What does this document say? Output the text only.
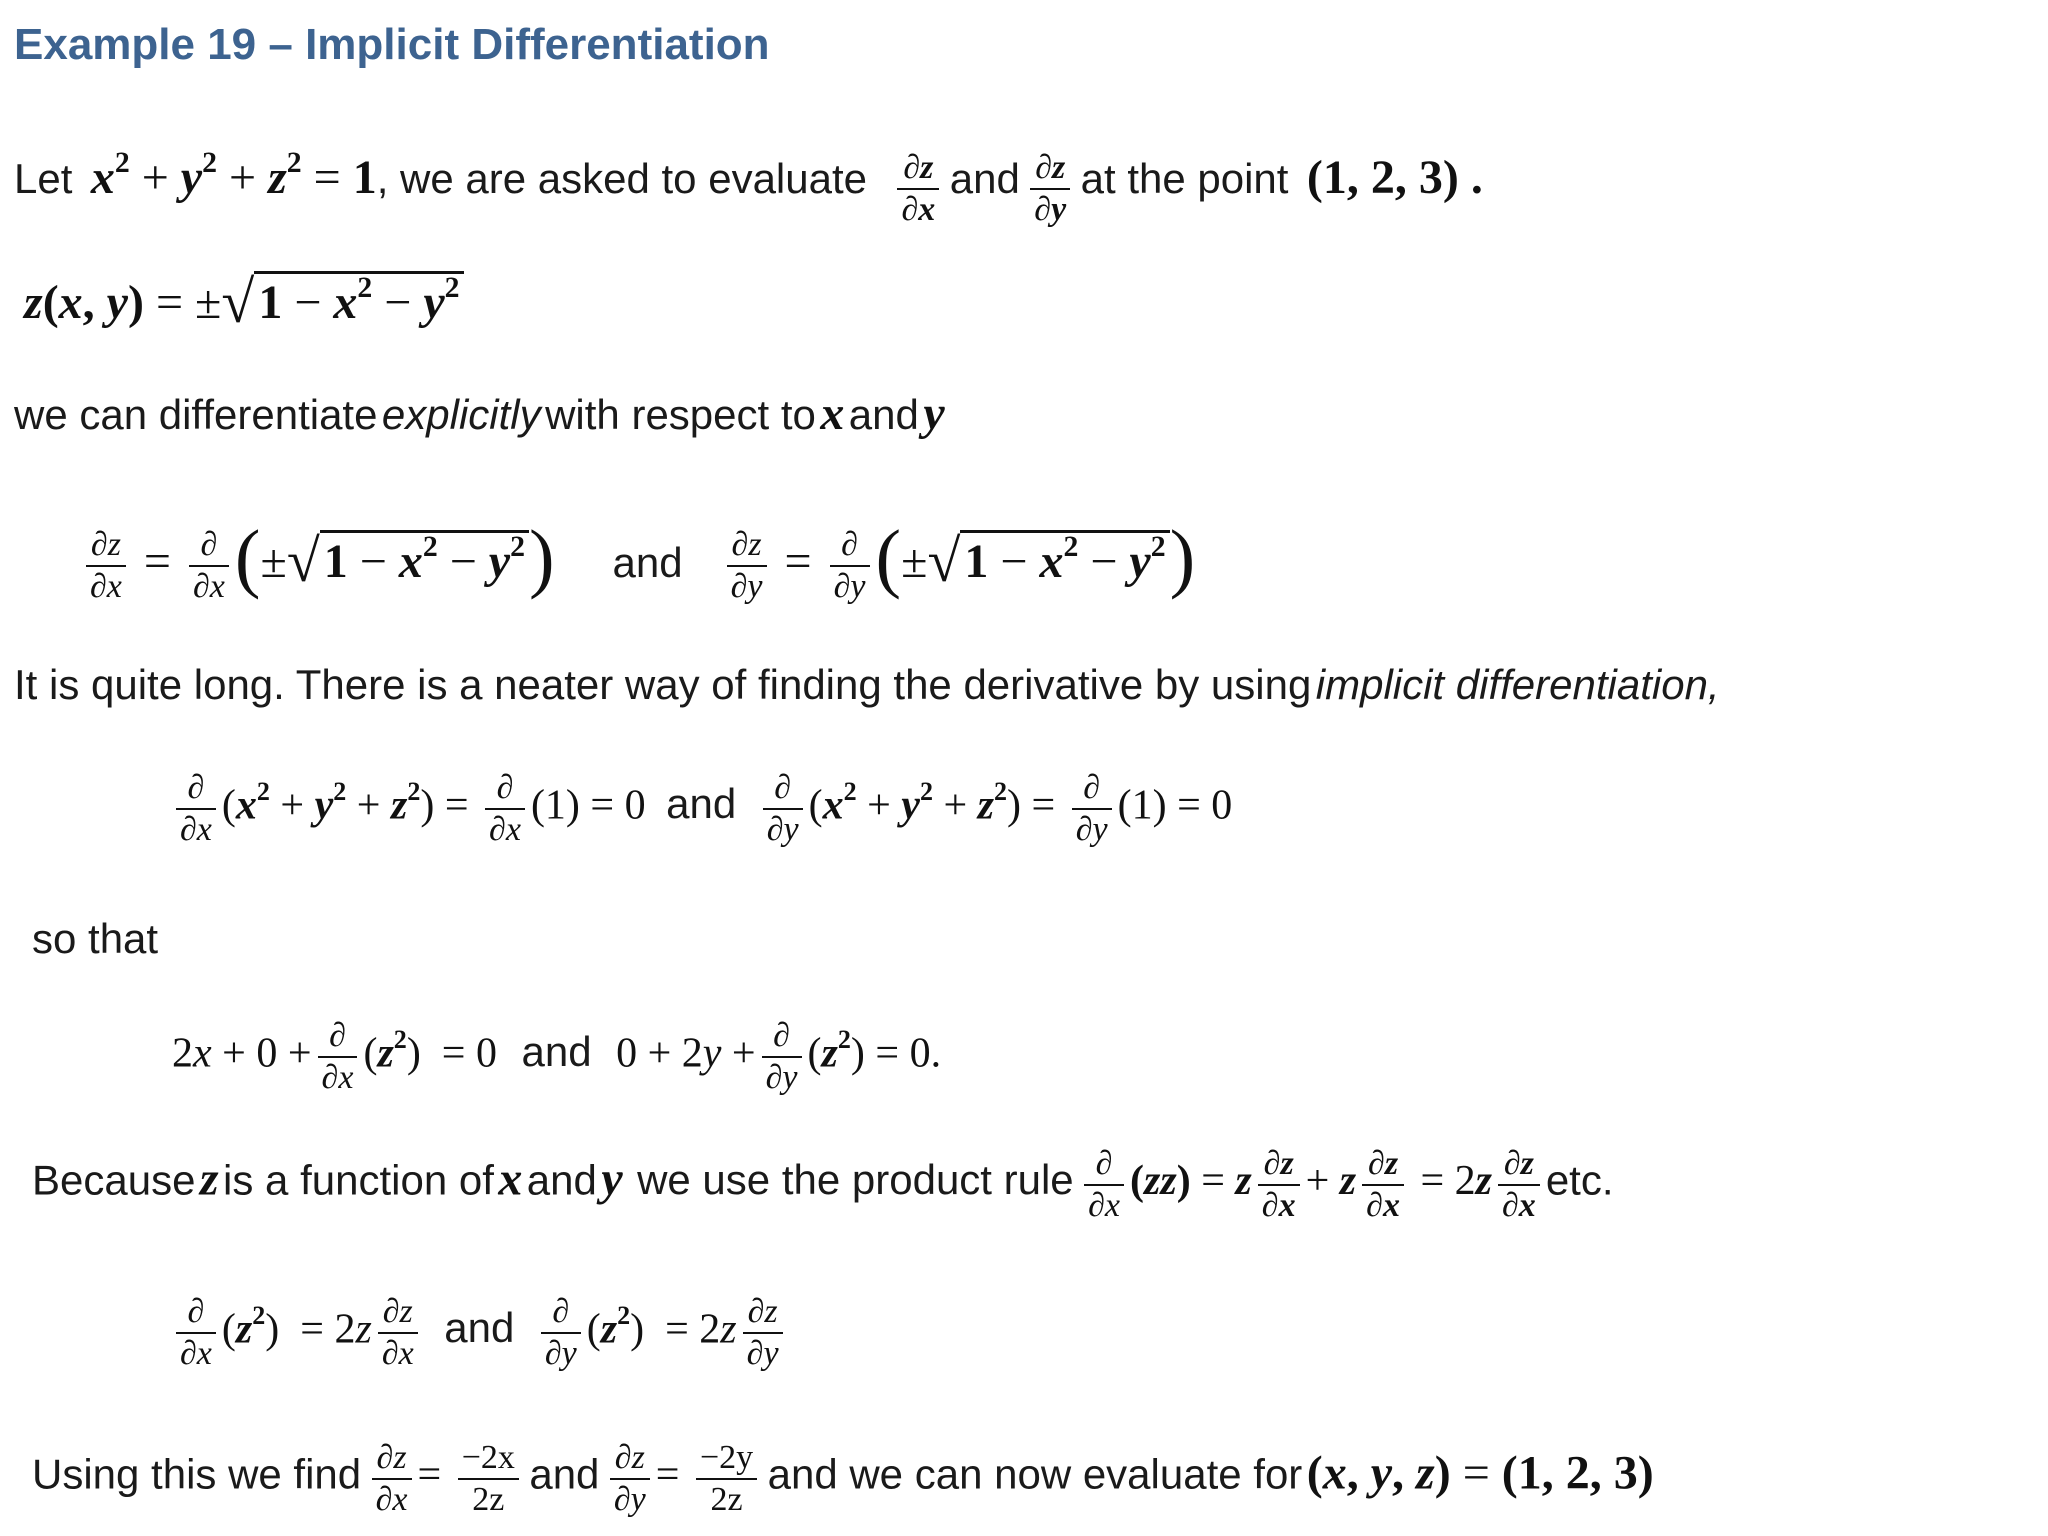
Example 19 – Implicit Differentiation
Let $x^2 + y^2 + z^2 = 1$, we are asked to evaluate $\frac{\partial z}{\partial x}$ and $\frac{\partial z}{\partial y}$ at the point (1, 2, 3) .
z(x, $y) = \pm√1 - x^2 - y^2$
we can differentiate explicitly with respect to x and y
$\frac{\partial z}{\partial x} = \frac{\partial}{\partial x} (\pm√1 - x^2 - y^2)$ and $\frac{\partial z}{\partial y} = \frac{\partial}{\partial y} (\pm√1 - x^2 - y^2)$
It is quite long. There is a neater way of finding the derivative by using implicit differentiation,
$\frac{\partial}{\partial x} (x^2 + y^2 + z^2) = \frac{\partial}{\partial x} (1) = 0$ and $\frac{\partial}{\partial y} (x^2 + y^2 + z^2) = \frac{\partial}{\partial y} (1) = 0$
so that
$2x + 0 + \frac{\partial}{\partial x} (z^2) = 0$ and $0 + 2y + \frac{\partial}{\partial y} (z^2) = 0$.
Because z is a function of x and y we use the product rule $\frac{\partial}{\partial x} (zz) = z \frac{\partial z}{\partial x} + z \frac{\partial z}{\partial x} = 2z \frac{\partial z}{\partial x}$ etc.
$\frac{\partial}{\partial x} (z^2) = 2z \frac{\partial z}{\partial x}$ and $\frac{\partial}{\partial y} (z^2) = 2z \frac{\partial z}{\partial y}$
Using this we find $\frac{\partial z}{\partial x} = \frac{-2x}{2z}$ and $\frac{\partial z}{\partial y} = \frac{-2y}{2z}$ and we can now evaluate for (x, y, z) = (1, 2, 3)
